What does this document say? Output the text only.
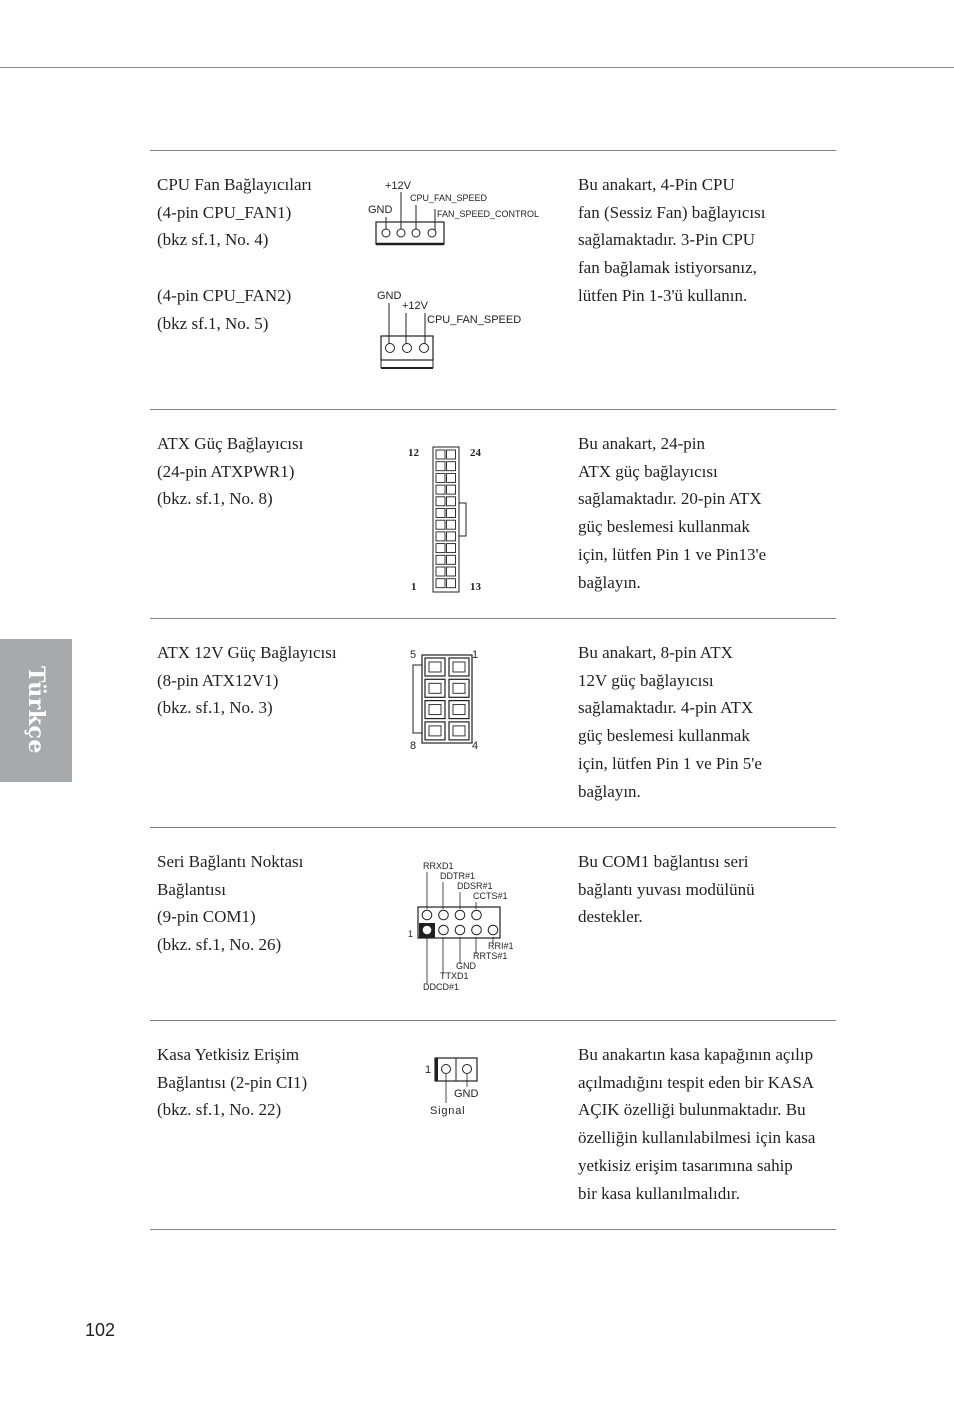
Türkçe
CPU Fan Bağlayıcıları
(4-pin CPU_FAN1)
(bkz sf.1, No. 4)
(4-pin CPU_FAN2)
(bkz sf.1, No. 5)
Bu anakart, 4-Pin CPU
fan (Sessiz Fan) bağlayıcısı
sağlamaktadır. 3-Pin CPU
fan bağlamak istiyorsanız,
lütfen Pin 1-3'ü kullanın.
+12V
CPU_FAN_SPEED
GND	FAN_SPEED_CONTROL
GND
+12V
CPU_FAN_SPEED
ATX Güç Bağlayıcısı
(24-pin ATXPWR1)
(bkz. sf.1, No. 8)
Bu anakart, 24-pin
ATX güç bağlayıcısı
sağlamaktadır. 20-pin ATX
güç beslemesi kullanmak
için, lütfen Pin 1 ve Pin13'e
bağlayın.
12	24
1	13
ATX 12V Güç Bağlayıcısı
(8-pin ATX12V1)
(bkz. sf.1, No. 3)
Bu anakart, 8-pin ATX
12V güç bağlayıcısı
sağlamaktadır. 4-pin ATX
güç beslemesi kullanmak
için, lütfen Pin 1 ve Pin 5'e
bağlayın.
5	1
8	4
Seri Bağlantı Noktası
Bağlantısı
(9-pin COM1)
(bkz. sf.1, No. 26)
Bu COM1 bağlantısı seri
bağlantı yuvası modülünü
destekler.
RRXD1
DDTR#1
DDSR#1
CCTS#1
1
RRI#1
RRTS#1
GND
TTXD1
DDCD#1
Kasa Yetkisiz Erişim
Bağlantısı (2-pin CI1)
(bkz. sf.1, No. 22)
Bu anakartın kasa kapağının açılıp
açılmadığını tespit eden bir KASA
AÇIK özelliği bulunmaktadır. Bu
özelliğin kullanılabilmesi için kasa
yetkisiz erişim tasarımına sahip
bir kasa kullanılmalıdır.
1
GND
Signal
102
